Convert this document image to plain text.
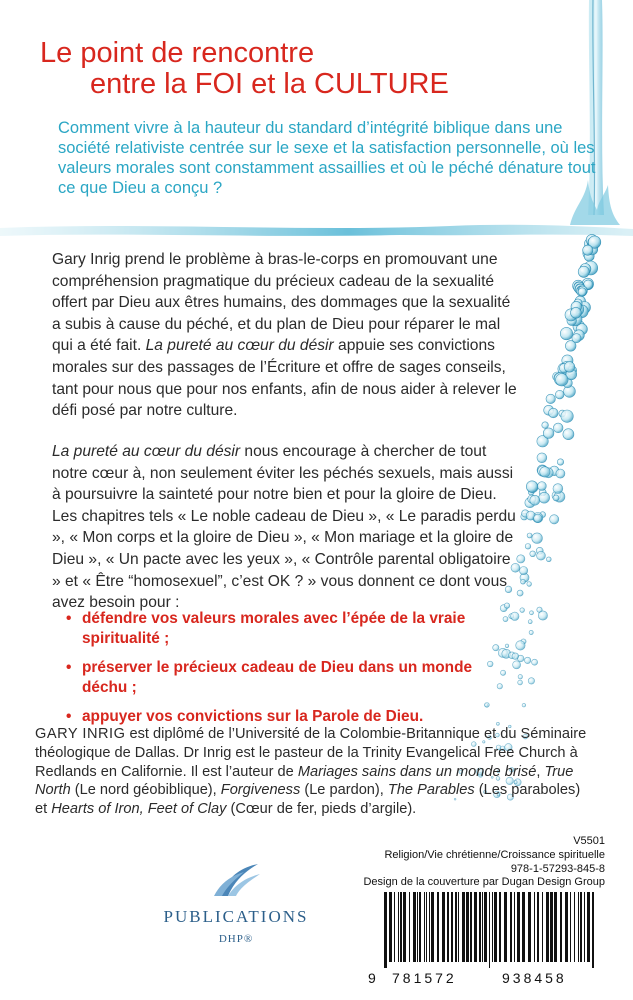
Le point de rencontre
entre la FOI et la CULTURE
Comment vivre à la hauteur du standard d’intégrité biblique dans une société relativiste centrée sur le sexe et la satisfaction personnelle, où les valeurs morales sont constamment assaillies et où le péché dénature tout ce que Dieu a conçu ?

Gary Inrig prend le problème à bras-le-corps en promouvant une compréhension pragmatique du précieux cadeau de la sexualité offert par Dieu aux êtres humains, des dommages que la sexualité a subis à cause du péché, et du plan de Dieu pour réparer le mal qui a été fait. La pureté au cœur du désir appuie ses convictions morales sur des passages de l’Écriture et offre de sages conseils, tant pour nous que pour nos enfants, afin de nous aider à relever le défi posé par notre culture.

La pureté au cœur du désir nous encourage à chercher de tout notre cœur à, non seulement éviter les péchés sexuels, mais aussi à poursuivre la sainteté pour notre bien et pour la gloire de Dieu. Les chapitres tels « Le noble cadeau de Dieu », « Le paradis perdu », « Mon corps et la gloire de Dieu », « Mon mariage et la gloire de Dieu », « Un pacte avec les yeux », « Contrôle parental obligatoire » et « Être “homosexuel”, c’est OK ? » vous donnent ce dont vous avez besoin pour :

• défendre vos valeurs morales avec l’épée de la vraie spiritualité ;
• préserver le précieux cadeau de Dieu dans un monde déchu ;
• appuyer vos convictions sur la Parole de Dieu.
GARY INRIG est diplômé de l’Université de la Colombie-Britannique et du Séminaire théologique de Dallas. Dr Inrig est le pasteur de la Trinity Evangelical Free Church à Redlands en Californie. Il est l’auteur de Mariages sains dans un monde brisé, True North (Le nord géobiblique), Forgiveness (Le pardon), The Parables (Les paraboles) et Hearts of Iron, Feet of Clay (Cœur de fer, pieds d’argile).
V5501
Religion/Vie chrétienne/Croissance spirituelle
978-1-57293-845-8
Design de la couverture par Dugan Design Group
PUBLICATIONS
DHP®
9 781572	938458
